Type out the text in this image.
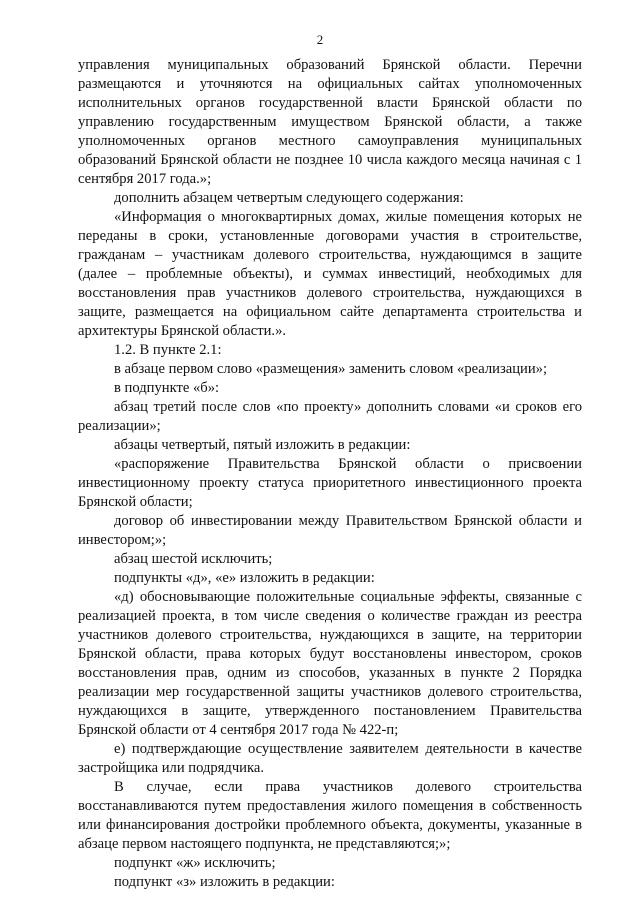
2

управления муниципальных образований Брянской области. Перечни размещаются и уточняются на официальных сайтах уполномоченных исполнительных органов государственной власти Брянской области по управлению государственным имуществом Брянской области, а также уполномоченных органов местного самоуправления муниципальных образований Брянской области не позднее 10 числа каждого месяца начиная с 1 сентября 2017 года.»;

дополнить абзацем четвертым следующего содержания:

«Информация о многоквартирных домах, жилые помещения которых не переданы в сроки, установленные договорами участия в строительстве, гражданам – участникам долевого строительства, нуждающимся в защите (далее – проблемные объекты), и суммах инвестиций, необходимых для восстановления прав участников долевого строительства, нуждающихся в защите, размещается на официальном сайте департамента строительства и архитектуры Брянской области.».

1.2. В пункте 2.1:

в абзаце первом слово «размещения» заменить словом «реализации»;

в подпункте «б»:

абзац третий после слов «по проекту» дополнить словами «и сроков его реализации»;

абзацы четвертый, пятый изложить в редакции:

«распоряжение Правительства Брянской области о присвоении инвестиционному проекту статуса приоритетного инвестиционного проекта Брянской области;

договор об инвестировании между Правительством Брянской области и инвестором;»;

абзац шестой исключить;

подпункты «д», «е» изложить в редакции:

«д) обосновывающие положительные социальные эффекты, связанные с реализацией проекта, в том числе сведения о количестве граждан из реестра участников долевого строительства, нуждающихся в защите, на территории Брянской области, права которых будут восстановлены инвестором, сроков восстановления прав, одним из способов, указанных в пункте 2 Порядка реализации мер государственной защиты участников долевого строительства, нуждающихся в защите, утвержденного постановлением Правительства Брянской области от 4 сентября 2017 года № 422-п;

е) подтверждающие осуществление заявителем деятельности в качестве застройщика или подрядчика.

В случае, если права участников долевого строительства восстанавливаются путем предоставления жилого помещения в собственность или финансирования достройки проблемного объекта, документы, указанные в абзаце первом настоящего подпункта, не представляются;»;

подпункт «ж» исключить;

подпункт «з» изложить в редакции:
